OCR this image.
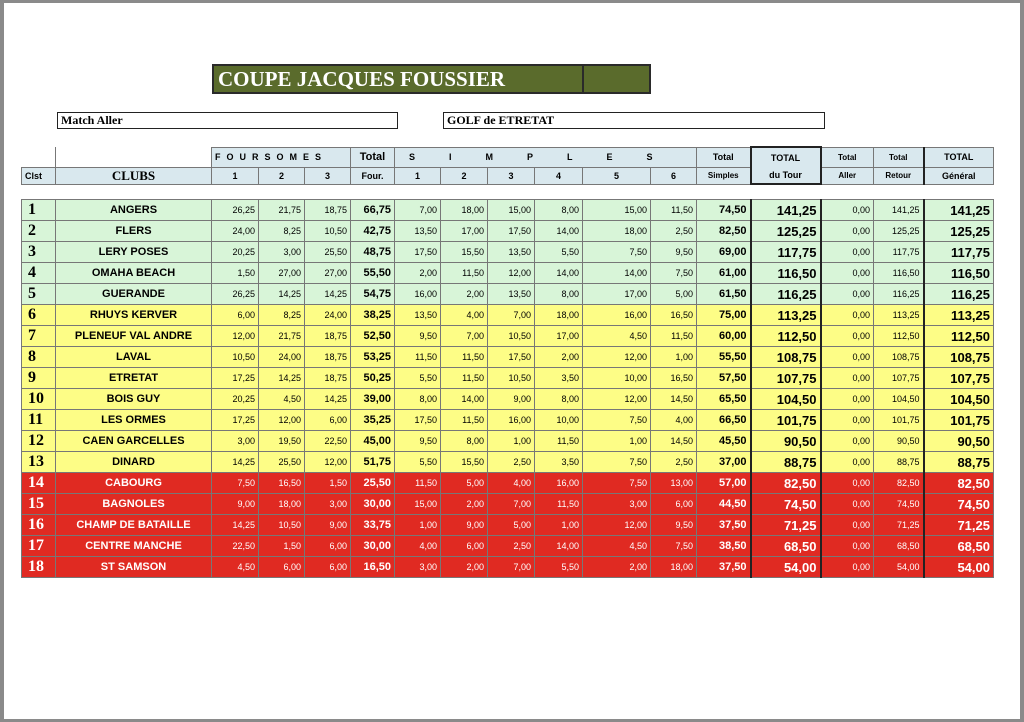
COUPE JACQUES FOUSSIER
Match Aller	GOLF de ETRETAT
		FOURSOMES			Total	SIMPLES						Total	TOTAL	Total	Total	TOTAL
Clst	CLUBS	1	2	3	Four.	1	2	3	4	5	6	Simples	du Tour	Aller	Retour	Général

1	ANGERS	26,25	21,75	18,75	66,75	7,00	18,00	15,00	8,00	15,00	11,50	74,50	141,25	0,00	141,25	141,25
2	FLERS	24,00	8,25	10,50	42,75	13,50	17,00	17,50	14,00	18,00	2,50	82,50	125,25	0,00	125,25	125,25
3	LERY POSES	20,25	3,00	25,50	48,75	17,50	15,50	13,50	5,50	7,50	9,50	69,00	117,75	0,00	117,75	117,75
4	OMAHA BEACH	1,50	27,00	27,00	55,50	2,00	11,50	12,00	14,00	14,00	7,50	61,00	116,50	0,00	116,50	116,50
5	GUERANDE	26,25	14,25	14,25	54,75	16,00	2,00	13,50	8,00	17,00	5,00	61,50	116,25	0,00	116,25	116,25
6	RHUYS KERVER	6,00	8,25	24,00	38,25	13,50	4,00	7,00	18,00	16,00	16,50	75,00	113,25	0,00	113,25	113,25
7	PLENEUF VAL ANDRE	12,00	21,75	18,75	52,50	9,50	7,00	10,50	17,00	4,50	11,50	60,00	112,50	0,00	112,50	112,50
8	LAVAL	10,50	24,00	18,75	53,25	11,50	11,50	17,50	2,00	12,00	1,00	55,50	108,75	0,00	108,75	108,75
9	ETRETAT	17,25	14,25	18,75	50,25	5,50	11,50	10,50	3,50	10,00	16,50	57,50	107,75	0,00	107,75	107,75
10	BOIS GUY	20,25	4,50	14,25	39,00	8,00	14,00	9,00	8,00	12,00	14,50	65,50	104,50	0,00	104,50	104,50
11	LES ORMES	17,25	12,00	6,00	35,25	17,50	11,50	16,00	10,00	7,50	4,00	66,50	101,75	0,00	101,75	101,75
12	CAEN GARCELLES	3,00	19,50	22,50	45,00	9,50	8,00	1,00	11,50	1,00	14,50	45,50	90,50	0,00	90,50	90,50
13	DINARD	14,25	25,50	12,00	51,75	5,50	15,50	2,50	3,50	7,50	2,50	37,00	88,75	0,00	88,75	88,75
14	CABOURG	7,50	16,50	1,50	25,50	11,50	5,00	4,00	16,00	7,50	13,00	57,00	82,50	0,00	82,50	82,50
15	BAGNOLES	9,00	18,00	3,00	30,00	15,00	2,00	7,00	11,50	3,00	6,00	44,50	74,50	0,00	74,50	74,50
16	CHAMP DE BATAILLE	14,25	10,50	9,00	33,75	1,00	9,00	5,00	1,00	12,00	9,50	37,50	71,25	0,00	71,25	71,25
17	CENTRE MANCHE	22,50	1,50	6,00	30,00	4,00	6,00	2,50	14,00	4,50	7,50	38,50	68,50	0,00	68,50	68,50
18	ST SAMSON	4,50	6,00	6,00	16,50	3,00	2,00	7,00	5,50	2,00	18,00	37,50	54,00	0,00	54,00	54,00
